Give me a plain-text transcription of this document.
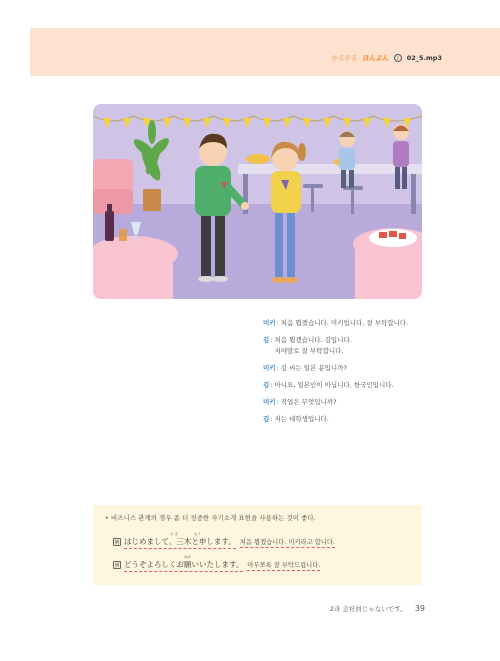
かるがる ほんぶん	♪	02_5.mp3
미키 : 처음 뵙겠습니다. 미키입니다. 잘 부탁합니다.
김 : 처음 뵙겠습니다. 김입니다.
저야말로 잘 부탁합니다.
미키 : 김 씨는 일본 분입니까?
김 : 아니요, 일본인이 아닙니다. 한국인입니다.
미키 : 직업은 무엇입니까?
김 : 저는 대학생입니다.
• 비즈니스 관계의 경우 좀 더 정중한 자기소개 표현을 사용하는 것이 좋다.
例
み き	もう
はじめまして。三木と申します。 처음 뵙겠습니다. 미키라고 합니다.
例
ねが
どうぞよろしくお願いいたします。 아무쪼록 잘 부탁드립니다.
2과 会社員じゃないです。 39
